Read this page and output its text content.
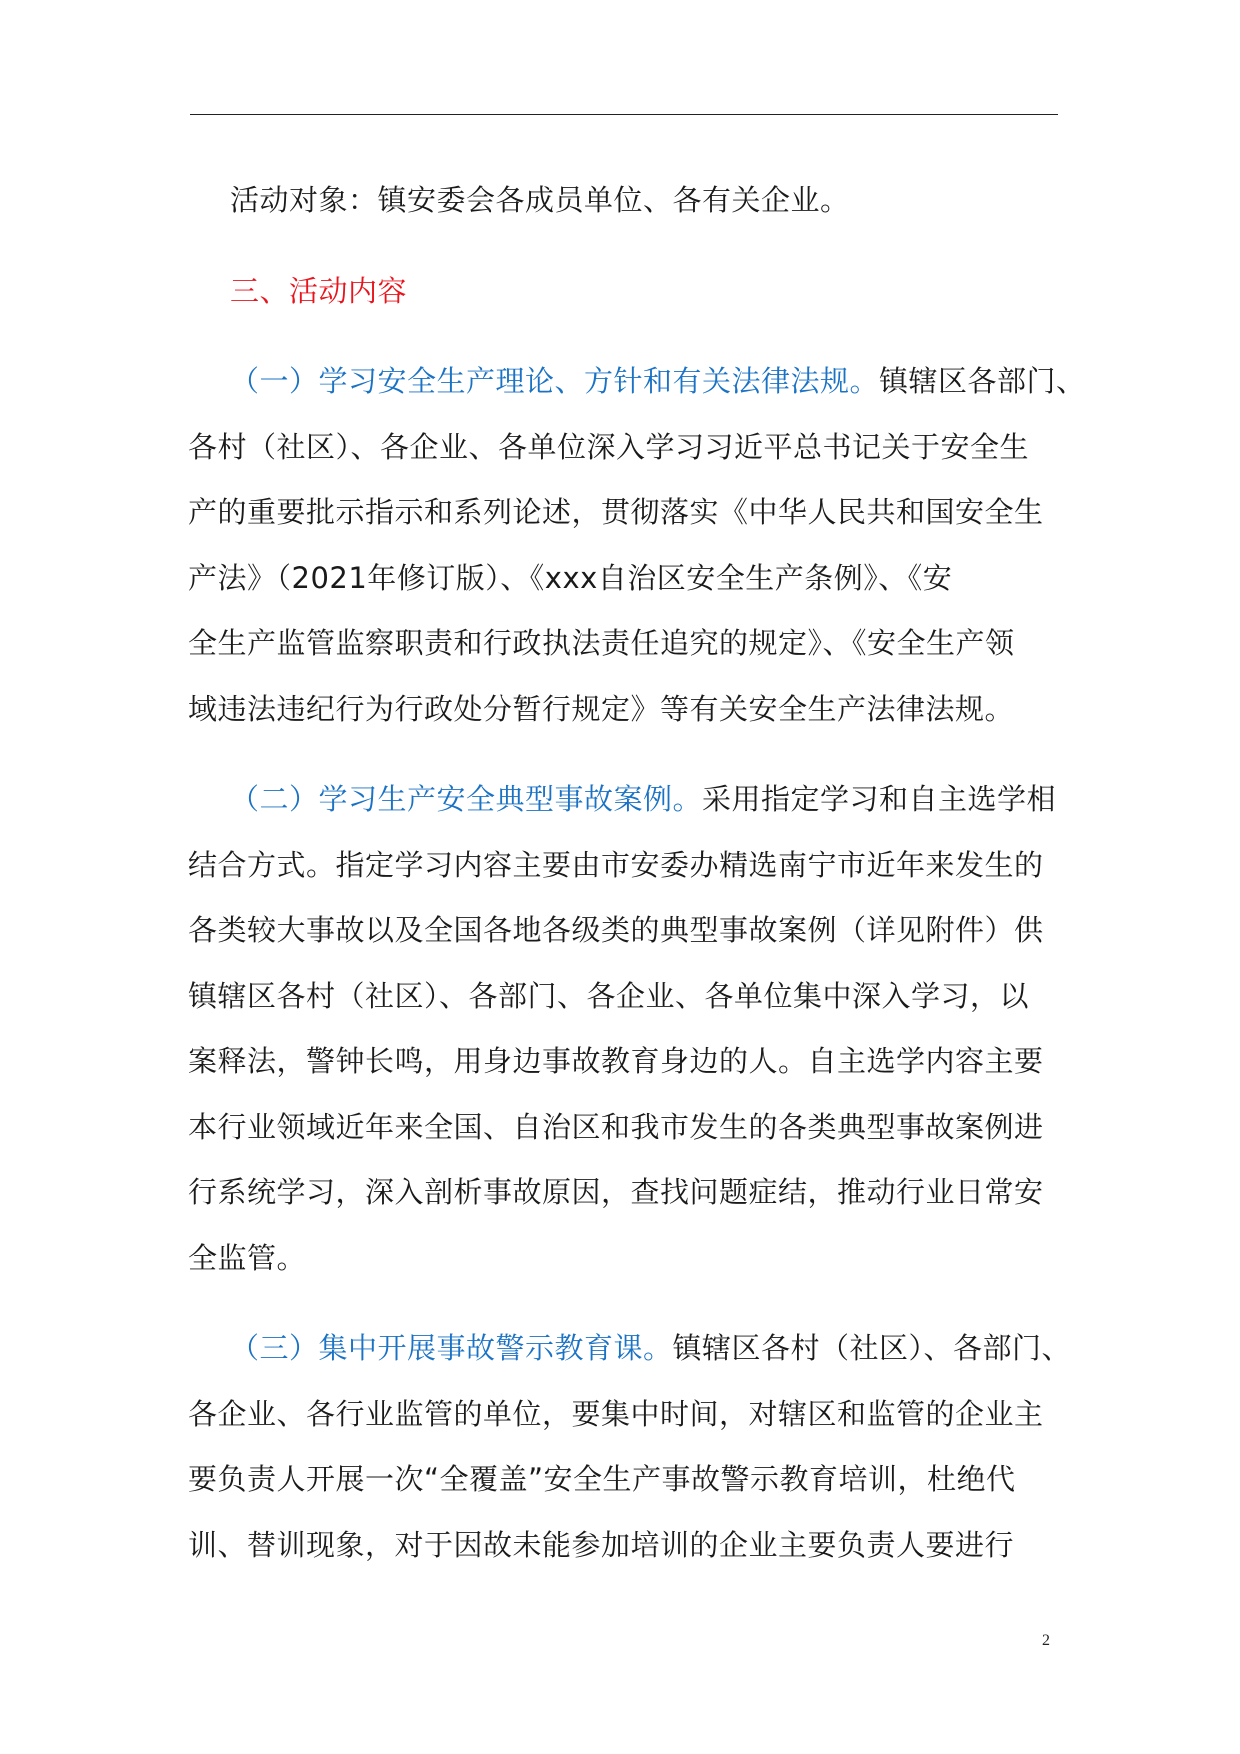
活动对象：镇安委会各成员单位、各有关企业。
三、活动内容
（一）学习安全生产理论、方针和有关法律法规。镇辖区各部门、
各村（社区）、各企业、各单位深入学习习近平总书记关于安全生
产的重要批示指示和系列论述，贯彻落实《中华人民共和国安全生
产法》（2021年修订版）、《xxx自治区安全生产条例》、《安
全生产监管监察职责和行政执法责任追究的规定》、《安全生产领
域违法违纪行为行政处分暂行规定》等有关安全生产法律法规。
（二）学习生产安全典型事故案例。采用指定学习和自主选学相
结合方式。指定学习内容主要由市安委办精选南宁市近年来发生的
各类较大事故以及全国各地各级类的典型事故案例（详见附件）供
镇辖区各村（社区）、各部门、各企业、各单位集中深入学习，以
案释法，警钟长鸣，用身边事故教育身边的人。自主选学内容主要
本行业领域近年来全国、自治区和我市发生的各类典型事故案例进
行系统学习，深入剖析事故原因，查找问题症结，推动行业日常安
全监管。
（三）集中开展事故警示教育课。镇辖区各村（社区）、各部门、
各企业、各行业监管的单位，要集中时间，对辖区和监管的企业主
要负责人开展一次“全覆盖”安全生产事故警示教育培训，杜绝代
训、替训现象，对于因故未能参加培训的企业主要负责人要进行
2
